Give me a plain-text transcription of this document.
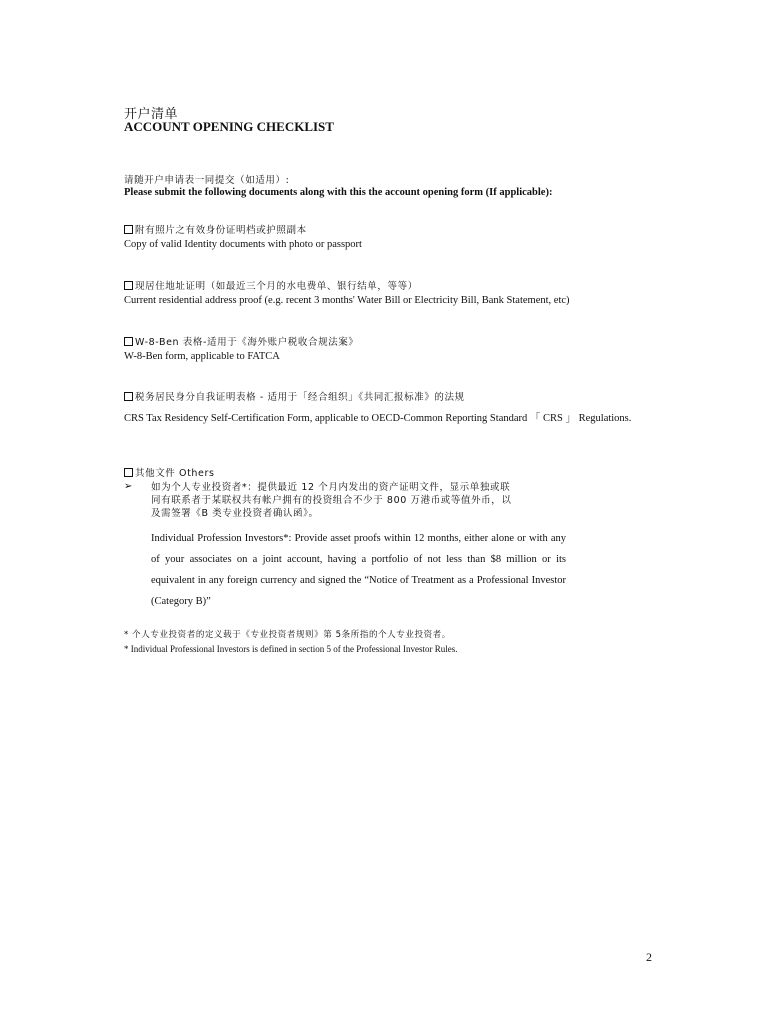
开户清单
ACCOUNT OPENING CHECKLIST
请随开户申请表一同提交（如适用）:
Please submit the following documents along with this the account opening form (If applicable):
附有照片之有效身份证明档或护照副本
Copy of valid Identity documents with photo or passport
现居住地址证明（如最近三个月的水电费单、银行结单，等等）
Current residential address proof (e.g. recent 3 months' Water Bill or Electricity Bill, Bank Statement, etc)
W-8-Ben 表格-适用于《海外账户税收合规法案》
W-8-Ben form, applicable to FATCA
税务居民身分自我证明表格 - 适用于「经合组织」《共同汇报标准》的法规
CRS Tax Residency Self-Certification Form, applicable to OECD-Common Reporting Standard 「 CRS 」 Regulations.
其他文件 Others
➢ 如为个人专业投资者*：提供最近 12 个月内发出的资产证明文件，显示单独或联
同有联系者于某联权共有帐户拥有的投资组合不少于 800 万港币或等值外币，以
及需签署《B 类专业投资者确认函》。
Individual Profession Investors*: Provide asset proofs within 12 months, either alone or with any of your associates on a joint account, having a portfolio of not less than $8 million or its equivalent in any foreign currency and signed the “Notice of Treatment as a Professional Investor (Category B)”
* 个人专业投资者的定义载于《专业投资者规则》第 5条所指的个人专业投资者。
* Individual Professional Investors is defined in section 5 of the Professional Investor Rules.
2
